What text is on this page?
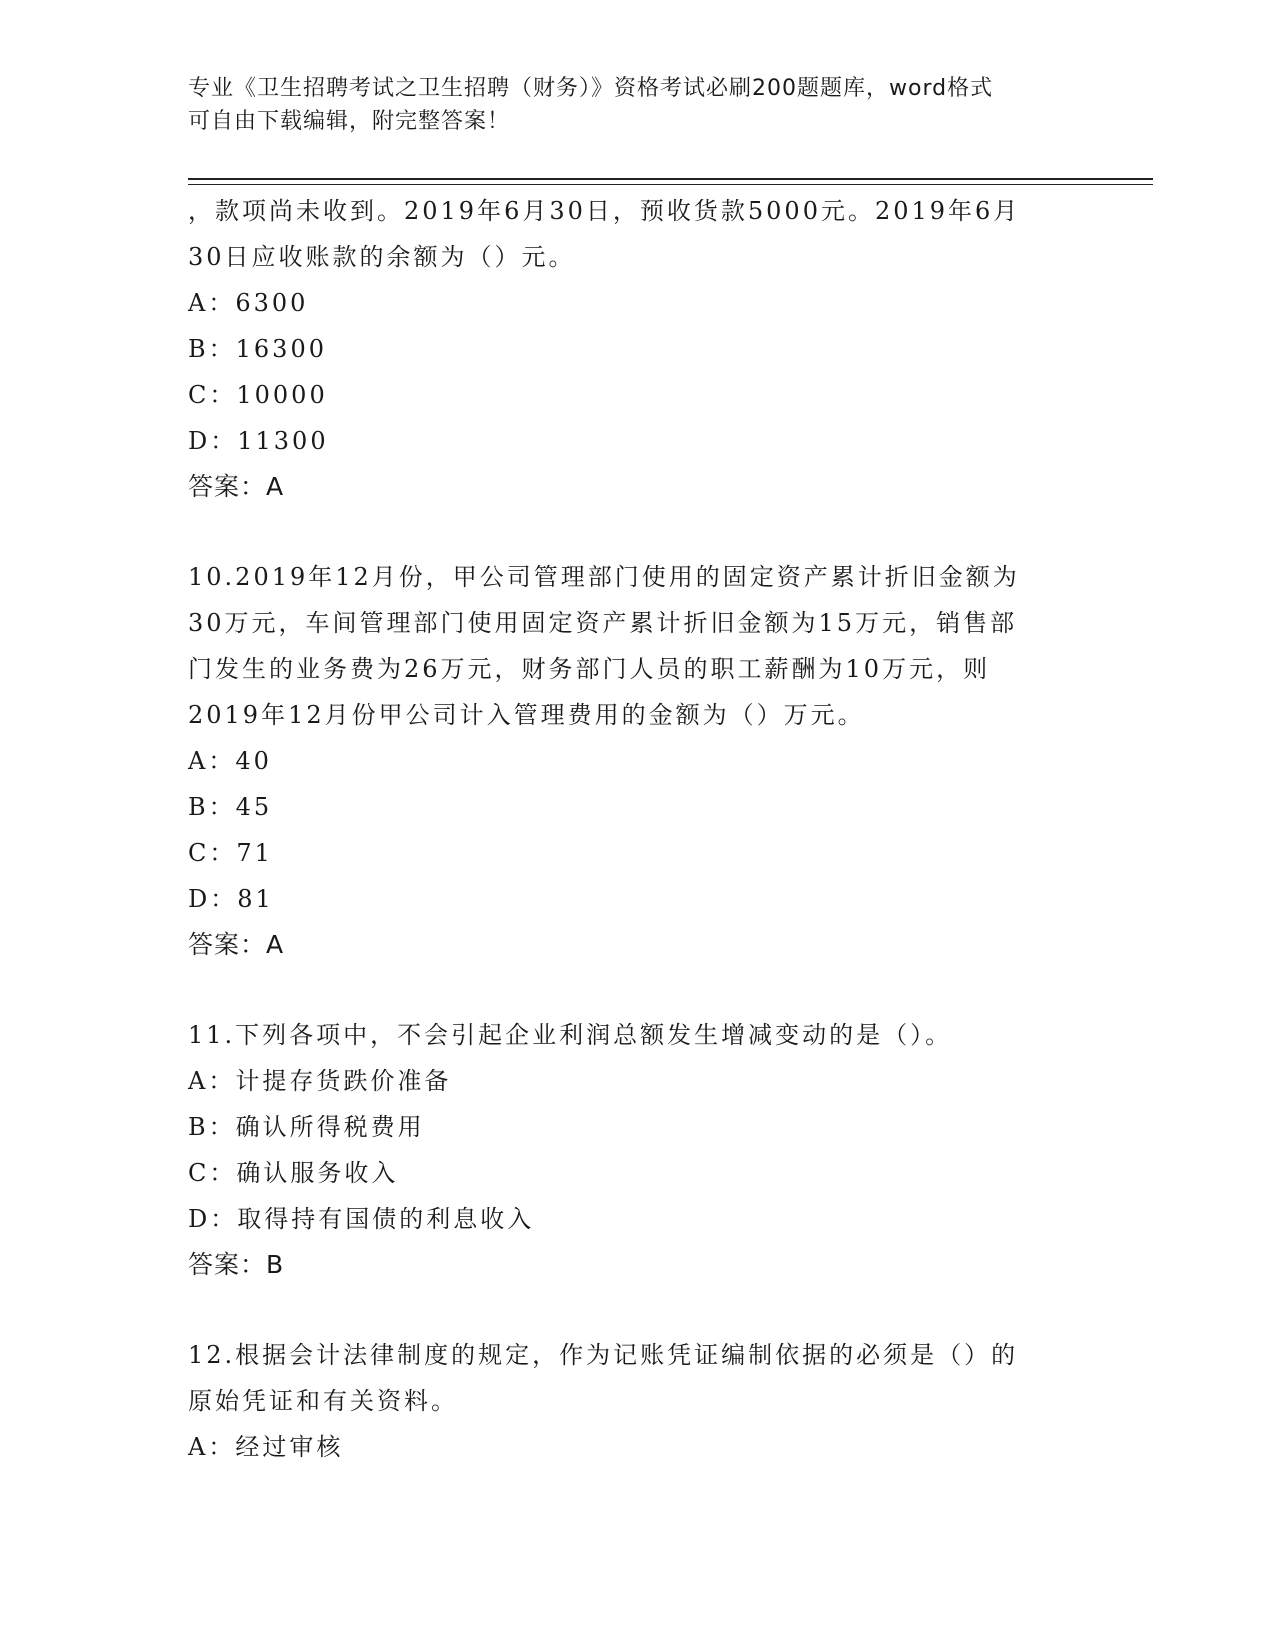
专业《卫生招聘考试之卫生招聘（财务）》资格考试必刷200题题库，word格式
可自由下载编辑，附完整答案！
，款项尚未收到。2019年6月30日，预收货款5000元。2019年6月
30日应收账款的余额为（）元。
A：6300
B：16300
C：10000
D：11300
答案：A
10.2019年12月份，甲公司管理部门使用的固定资产累计折旧金额为
30万元，车间管理部门使用固定资产累计折旧金额为15万元，销售部
门发生的业务费为26万元，财务部门人员的职工薪酬为10万元，则
2019年12月份甲公司计入管理费用的金额为（）万元。
A：40
B：45
C：71
D：81
答案：A
11.下列各项中，不会引起企业利润总额发生增减变动的是（）。
A：计提存货跌价准备
B：确认所得税费用
C：确认服务收入
D：取得持有国债的利息收入
答案：B
12.根据会计法律制度的规定，作为记账凭证编制依据的必须是（）的
原始凭证和有关资料。
A：经过审核
